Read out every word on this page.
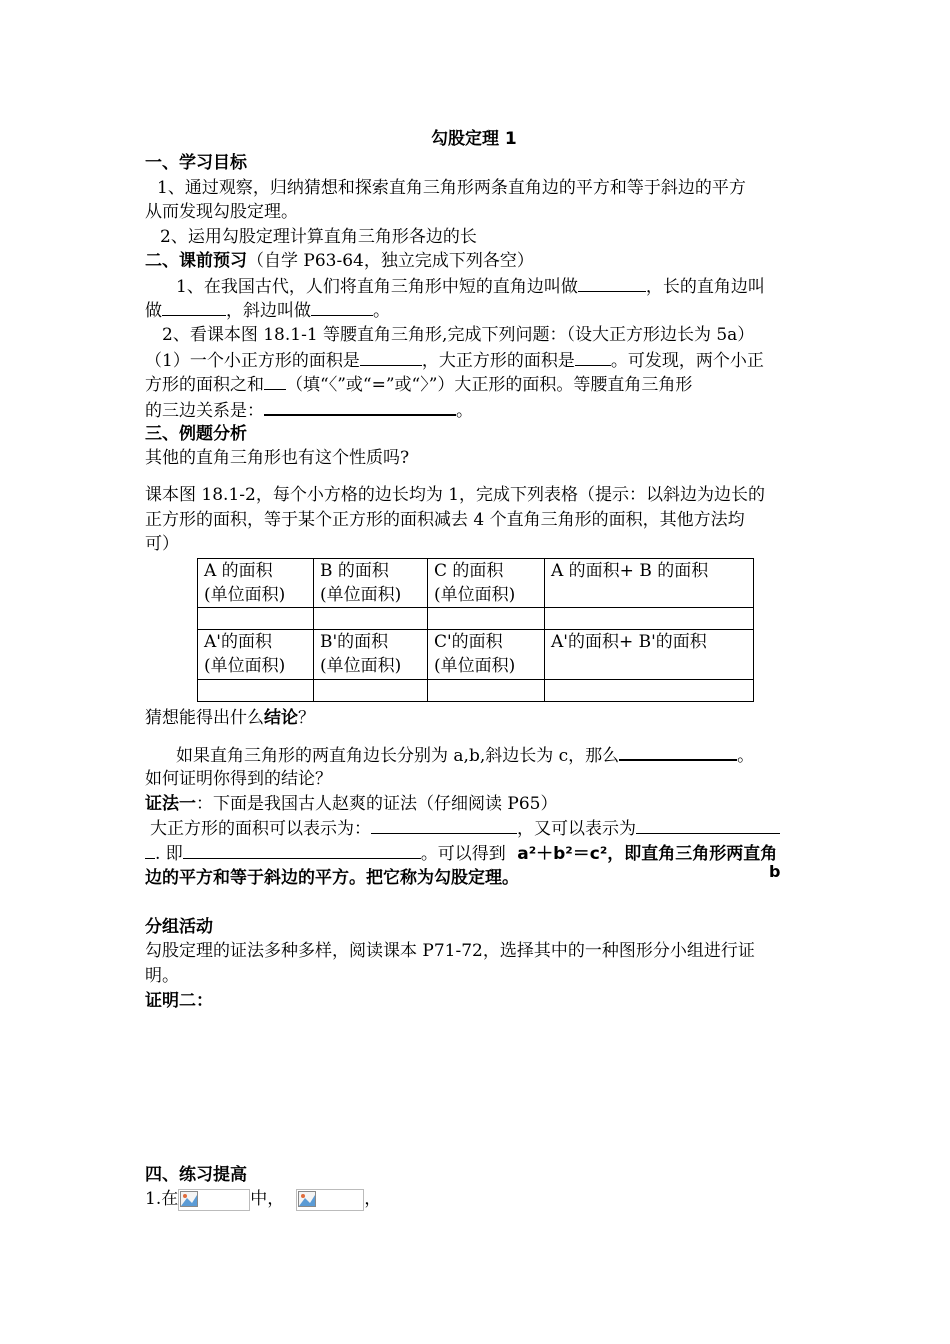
勾股定理 1
一、学习目标
1、通过观察，归纳猜想和探索直角三角形两条直角边的平方和等于斜边的平方
从而发现勾股定理。
2、运用勾股定理计算直角三角形各边的长
二、课前预习（自学 P63-64，独立完成下列各空）
1、在我国古代，人们将直角三角形中短的直角边叫做	，长的直角边叫
做	，斜边叫做	。
2、看课本图 18.1-1 等腰直角三角形,完成下列问题：（设大正方形边长为 5a）
（1）一个小正方形的面积是	，大正方形的面积是 。可发现，两个小正
方形的面积之和 （填“〈”或“=”或“〉”）大正形的面积。等腰直角三角形
的三边关系是：	。
三、例题分析
其他的直角三角形也有这个性质吗?
课本图 18.1-2，每个小方格的边长均为 1，完成下列表格（提示：以斜边为边长的
正方形的面积，等于某个正方形的面积减去 4 个直角三角形的面积，其他方法均
可）
A 的面积
(单位面积)	B 的面积
(单位面积)	C 的面积
(单位面积)	A 的面积+ B 的面积

A'的面积
(单位面积)	B'的面积
(单位面积)	C'的面积
(单位面积)	A'的面积+ B'的面积

猜想能得出什么结论？
如果直角三角形的两直角边长分别为 a,b,斜边长为 c，那么	。
如何证明你得到的结论？
证法一：下面是我国古人赵爽的证法（仔细阅读 P65）
大正方形的面积可以表示为：	，又可以表示为
. 即	。可以得到 a²＋b²＝c²，即直角三角形两直角
边的平方和等于斜边的平方。把它称为勾股定理。	b
分组活动
勾股定理的证法多种多样，阅读课本 P71-72，选择其中的一种图形分小组进行证
明。
证明二：
四、练习提高
1.在	中，	，
